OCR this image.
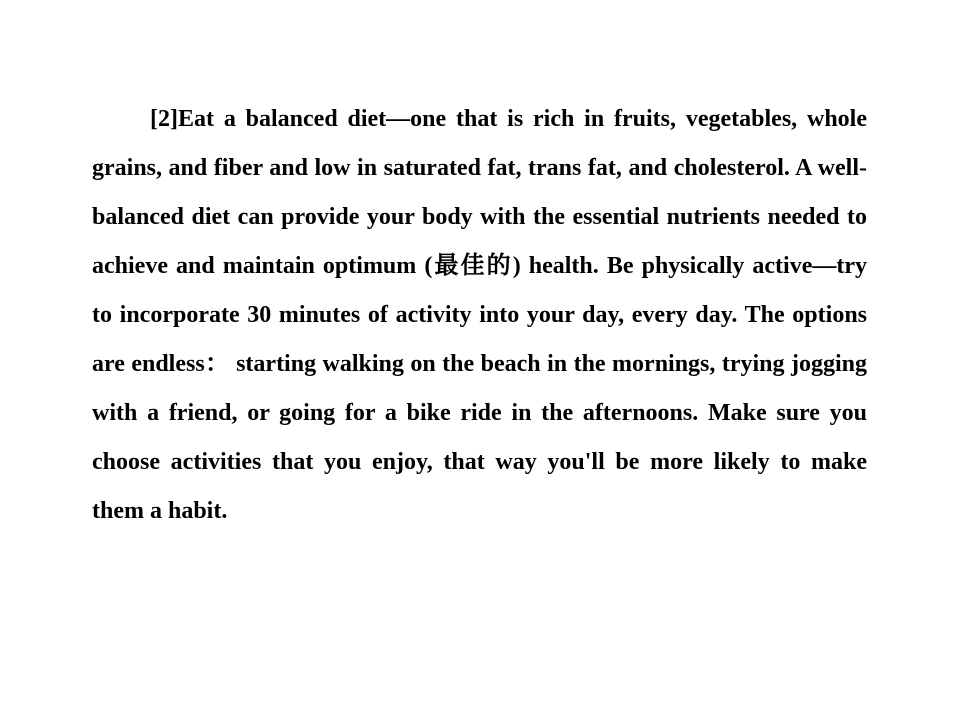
[2]Eat a balanced diet—one that is rich in fruits, vegetables, whole grains, and fiber and low in saturated fat, trans fat, and cholesterol. A well-balanced diet can provide your body with the essential nutrients needed to achieve and maintain optimum (最佳的) health. Be physically active—try to incorporate 30 minutes of activity into your day, every day. The options are endless： starting walking on the beach in the mornings, trying jogging with a friend, or going for a bike ride in the afternoons. Make sure you choose activities that you enjoy, that way you'll be more likely to make them a habit.
